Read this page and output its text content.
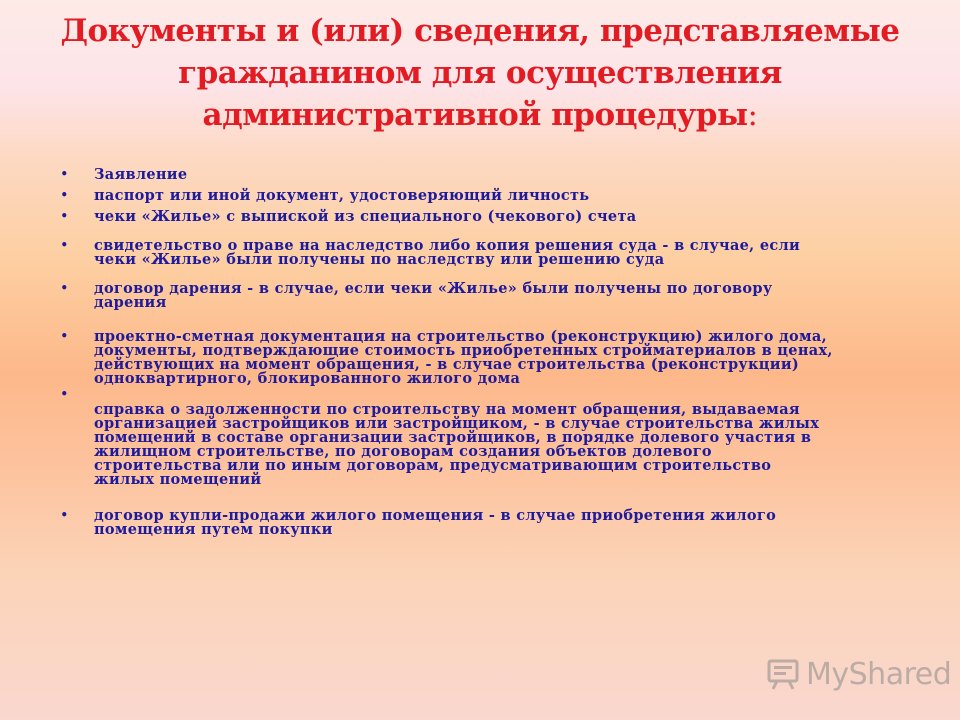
Документы и (или) сведения, представляемые
гражданином для осуществления
административной процедуры:
• Заявление
• паспорт или иной документ, удостоверяющий личность
• чеки «Жилье» с выпиской из специального (чекового) счета
• свидетельство о праве на наследство либо копия решения суда - в случае, если
чеки «Жилье» были получены по наследству или решению суда
• договор дарения - в случае, если чеки «Жилье» были получены по договору
дарения
• проектно-сметная документация на строительство (реконструкцию) жилого дома,
документы, подтверждающие стоимость приобретенных стройматериалов в ценах,
действующих на момент обращения, - в случае строительства (реконструкции)
одноквартирного, блокированного жилого дома
•
справка о задолженности по строительству на момент обращения, выдаваемая
организацией застройщиков или застройщиком, - в случае строительства жилых
помещений в составе организации застройщиков, в порядке долевого участия в
жилищном строительстве, по договорам создания объектов долевого
строительства или по иным договорам, предусматривающим строительство
жилых помещений
• договор купли-продажи жилого помещения - в случае приобретения жилого
помещения путем покупки
MyShared
